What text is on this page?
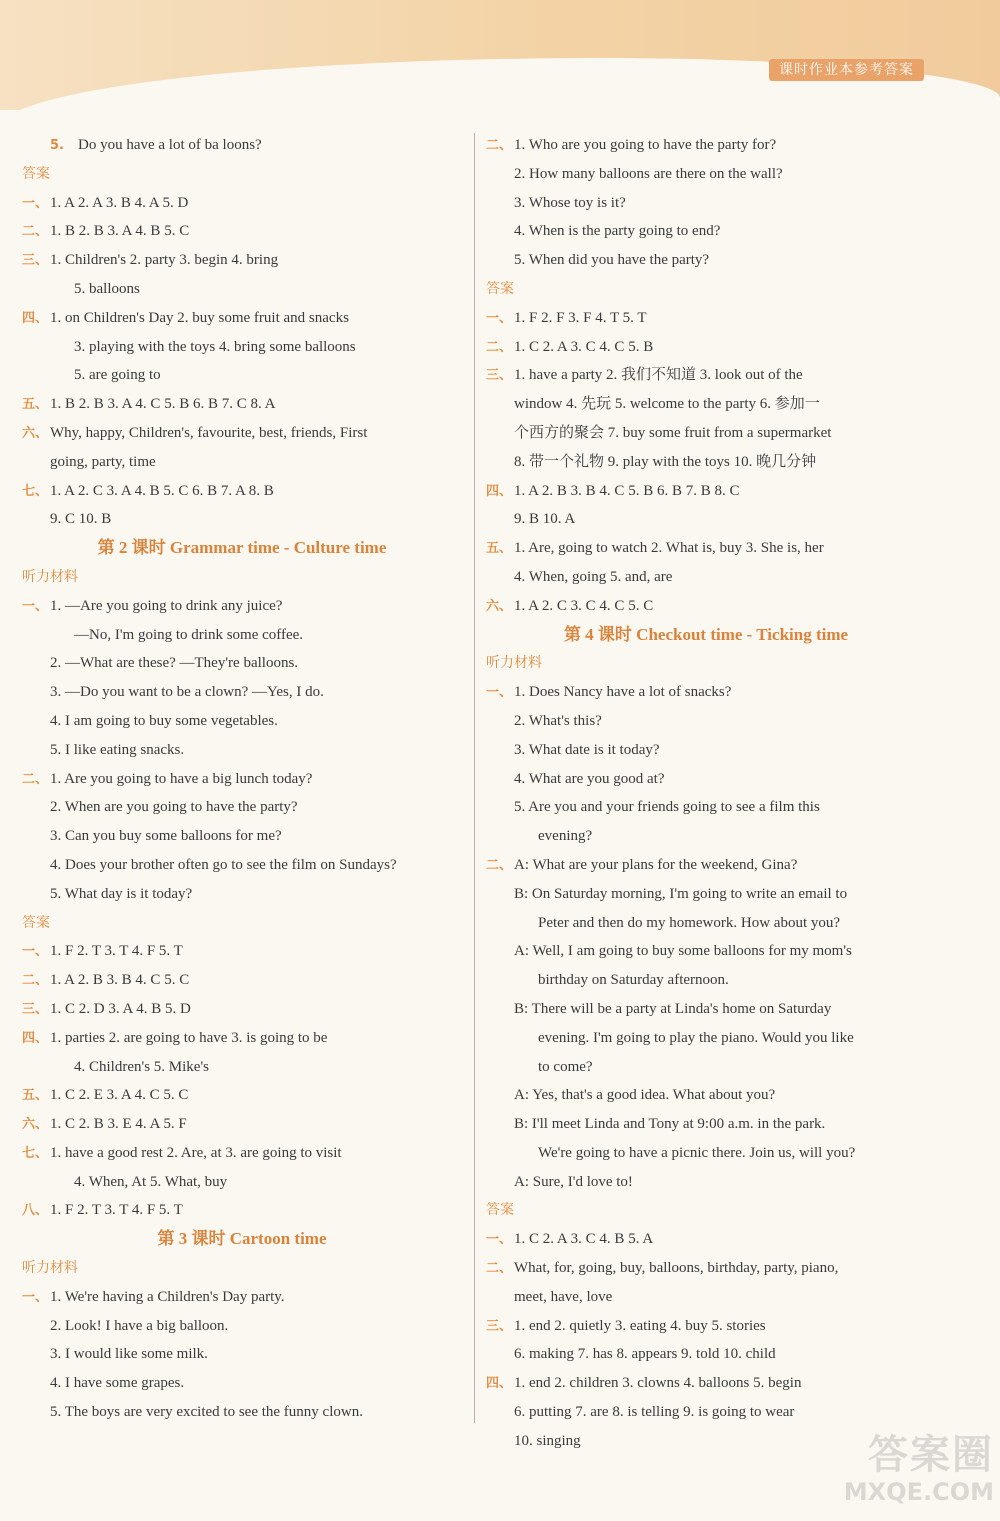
课时作业本参考答案
5. Do you have a lot of ba loons?
答案
一、 1. A 2. A 3. B 4. A 5. D
二、 1. B 2. B 3. A 4. B 5. C
三、 1. Children's 2. party 3. begin 4. bring
5. balloons
四、 1. on Children's Day 2. buy some fruit and snacks
3. playing with the toys 4. bring some balloons
5. are going to
五、 1. B 2. B 3. A 4. C 5. B 6. B 7. C 8. A
六、 Why, happy, Children's, favourite, best, friends, First
going, party, time
七、 1. A 2. C 3. A 4. B 5. C 6. B 7. A 8. B
9. C 10. B
第 2 课时 Grammar time - Culture time
听力材料
一、 1. —Are you going to drink any juice?
—No, I'm going to drink some coffee.
2. —What are these? —They're balloons.
3. —Do you want to be a clown? —Yes, I do.
4. I am going to buy some vegetables.
5. I like eating snacks.
二、 1. Are you going to have a big lunch today?
2. When are you going to have the party?
3. Can you buy some balloons for me?
4. Does your brother often go to see the film on Sundays?
5. What day is it today?
答案
一、 1. F 2. T 3. T 4. F 5. T
二、 1. A 2. B 3. B 4. C 5. C
三、 1. C 2. D 3. A 4. B 5. D
四、 1. parties 2. are going to have 3. is going to be
4. Children's 5. Mike's
五、 1. C 2. E 3. A 4. C 5. C
六、 1. C 2. B 3. E 4. A 5. F
七、 1. have a good rest 2. Are, at 3. are going to visit
4. When, At 5. What, buy
八、 1. F 2. T 3. T 4. F 5. T
第 3 课时 Cartoon time
听力材料
一、 1. We're having a Children's Day party.
2. Look! I have a big balloon.
3. I would like some milk.
4. I have some grapes.
5. The boys are very excited to see the funny clown.
二、 1. Who are you going to have the party for?
2. How many balloons are there on the wall?
3. Whose toy is it?
4. When is the party going to end?
5. When did you have the party?
答案
一、 1. F 2. F 3. F 4. T 5. T
二、 1. C 2. A 3. C 4. C 5. B
三、 1. have a party 2. 我们不知道 3. look out of the
window 4. 先玩 5. welcome to the party 6. 参加一
个西方的聚会 7. buy some fruit from a supermarket
8. 带一个礼物 9. play with the toys 10. 晚几分钟
四、 1. A 2. B 3. B 4. C 5. B 6. B 7. B 8. C
9. B 10. A
五、 1. Are, going to watch 2. What is, buy 3. She is, her
4. When, going 5. and, are
六、 1. A 2. C 3. C 4. C 5. C
第 4 课时 Checkout time - Ticking time
听力材料
一、 1. Does Nancy have a lot of snacks?
2. What's this?
3. What date is it today?
4. What are you good at?
5. Are you and your friends going to see a film this
evening?
二、 A: What are your plans for the weekend, Gina?
B: On Saturday morning, I'm going to write an email to
Peter and then do my homework. How about you?
A: Well, I am going to buy some balloons for my mom's
birthday on Saturday afternoon.
B: There will be a party at Linda's home on Saturday
evening. I'm going to play the piano. Would you like
to come?
A: Yes, that's a good idea. What about you?
B: I'll meet Linda and Tony at 9:00 a.m. in the park.
We're going to have a picnic there. Join us, will you?
A: Sure, I'd love to!
答案
一、 1. C 2. A 3. C 4. B 5. A
二、 What, for, going, buy, balloons, birthday, party, piano,
meet, have, love
三、 1. end 2. quietly 3. eating 4. buy 5. stories
6. making 7. has 8. appears 9. told 10. child
四、 1. end 2. children 3. clowns 4. balloons 5. begin
6. putting 7. are 8. is telling 9. is going to wear
10. singing	答案圈
MXQE.COM
